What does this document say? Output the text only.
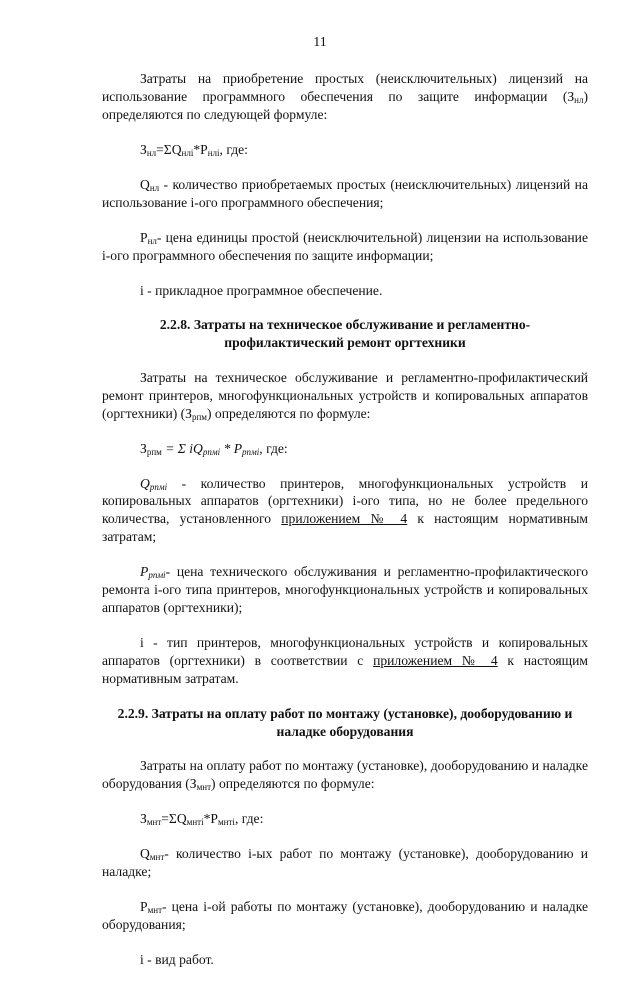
11

Затраты на приобретение простых (неисключительных) лицензий на использование программного обеспечения по защите информации $(З_{нл})$ определяются по следующей формуле:

$З_{нл}=\Sigma Q_{нлi}*P_{нлi}$, где:

$Q_{нл}$ - количество приобретаемых простых (неисключительных) лицензий на использование i-ого программного обеспечения;

$P_{нл}-$ цена единицы простой (неисключительной) лицензии на использование i-ого программного обеспечения по защите информации;

i - прикладное программное обеспечение.

2.2.8. Затраты на техническое обслуживание и регламентно-профилактический ремонт оргтехники

Затраты на техническое обслуживание и регламентно-профилактический ремонт принтеров, многофункциональных устройств и копировальных аппаратов (оргтехники) $(З_{рпм})$ определяются по формуле:

$З_{рпм} = \Sigma$ $iQ_{рпмi} * P_{рпмi}$, где:

$Q_{рпмi}$ - количество принтеров, многофункциональных устройств и копировальных аппаратов (оргтехники) i-ого типа, но не более предельного количества, установленного приложением № 4 к настоящим нормативным затратам;

$P_{рпмi}-$ цена технического обслуживания и регламентно-профилактического ремонта i-ого типа принтеров, многофункциональных устройств и копировальных аппаратов (оргтехники);

i - тип принтеров, многофункциональных устройств и копировальных аппаратов (оргтехники) в соответствии с приложением № 4 к настоящим нормативным затратам.

2.2.9. Затраты на оплату работ по монтажу (установке), дооборудованию и наладке оборудования

Затраты на оплату работ по монтажу (установке), дооборудованию и наладке оборудования $(З_{мнт})$ определяются по формуле:

$З_{мнт}=\Sigma Q_{мнтi}*P_{мнтi}$, где:

$Q_{мнт}-$ количество i-ых работ по монтажу (установке), дооборудованию и наладке;

$P_{мнт}-$ цена i-ой работы по монтажу (установке), дооборудованию и наладке оборудования;

i - вид работ.
